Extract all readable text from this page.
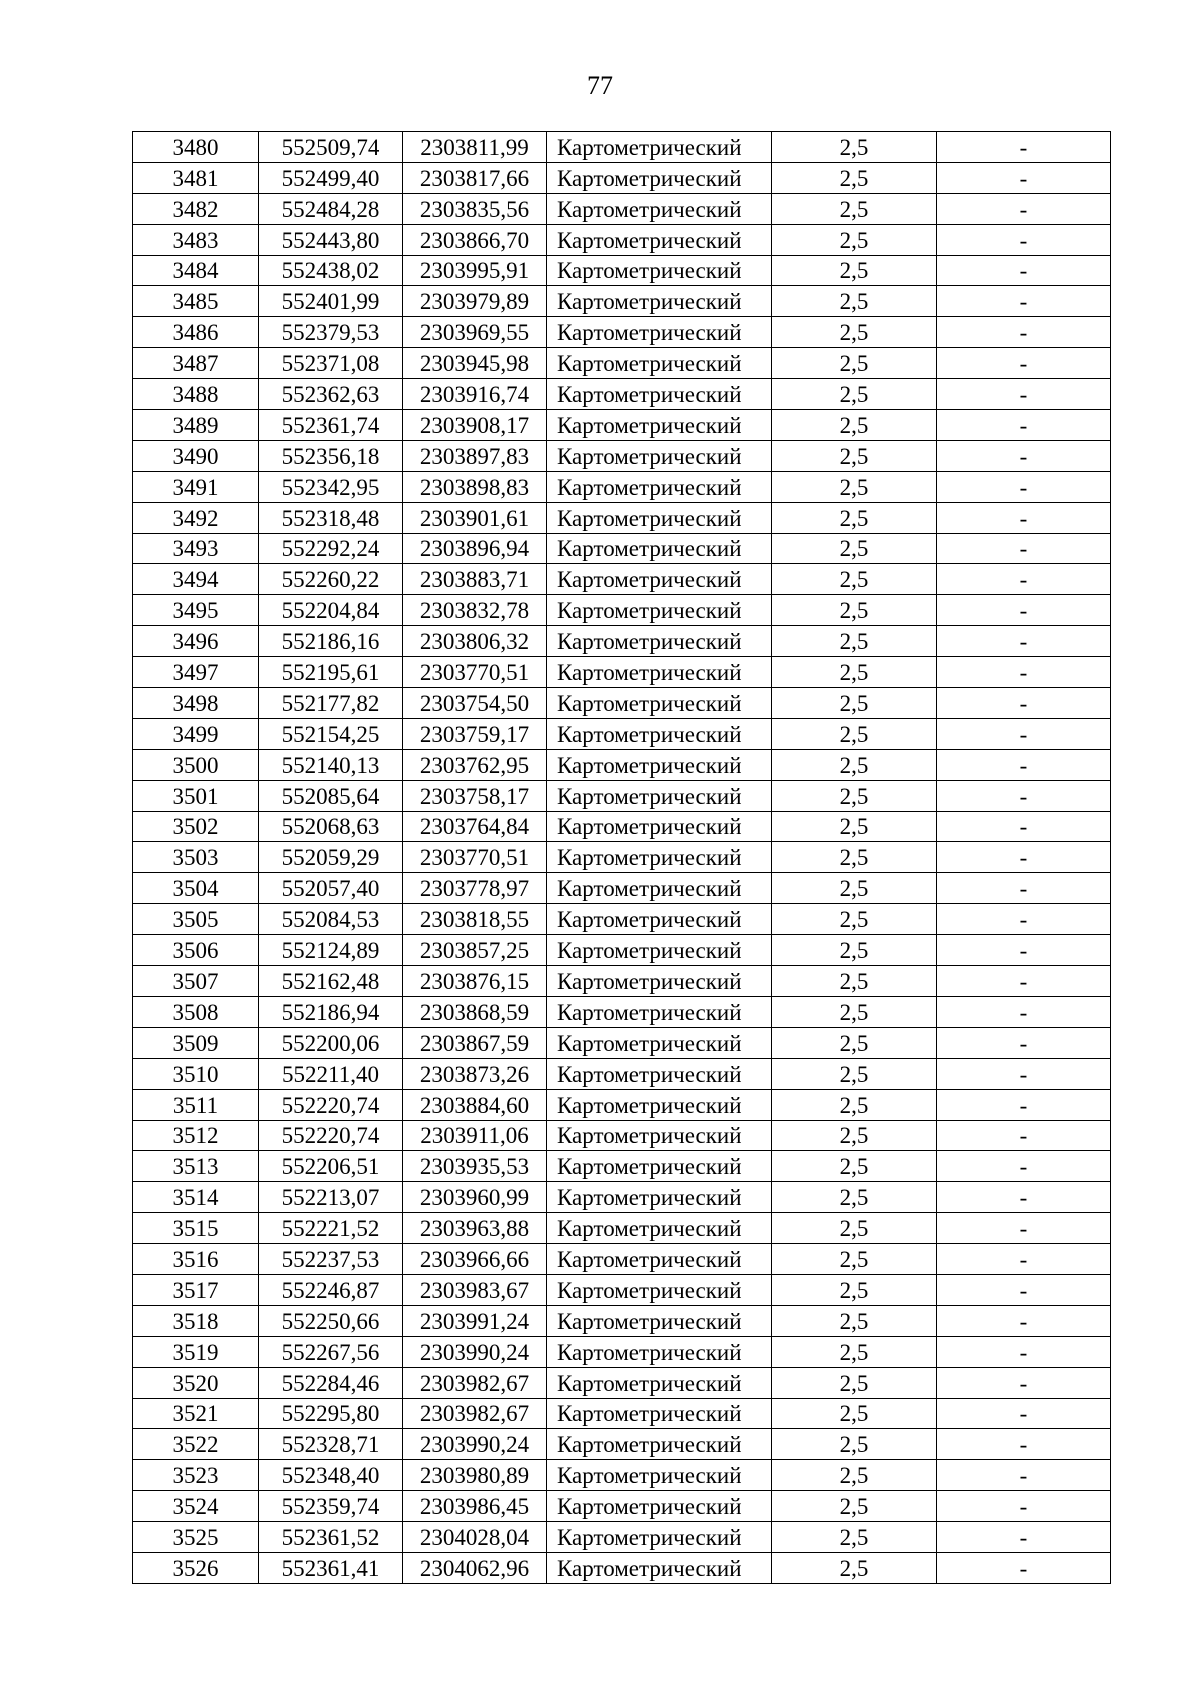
77
3480	552509,74	2303811,99	Картометрический	2,5	-
3481	552499,40	2303817,66	Картометрический	2,5	-
3482	552484,28	2303835,56	Картометрический	2,5	-
3483	552443,80	2303866,70	Картометрический	2,5	-
3484	552438,02	2303995,91	Картометрический	2,5	-
3485	552401,99	2303979,89	Картометрический	2,5	-
3486	552379,53	2303969,55	Картометрический	2,5	-
3487	552371,08	2303945,98	Картометрический	2,5	-
3488	552362,63	2303916,74	Картометрический	2,5	-
3489	552361,74	2303908,17	Картометрический	2,5	-
3490	552356,18	2303897,83	Картометрический	2,5	-
3491	552342,95	2303898,83	Картометрический	2,5	-
3492	552318,48	2303901,61	Картометрический	2,5	-
3493	552292,24	2303896,94	Картометрический	2,5	-
3494	552260,22	2303883,71	Картометрический	2,5	-
3495	552204,84	2303832,78	Картометрический	2,5	-
3496	552186,16	2303806,32	Картометрический	2,5	-
3497	552195,61	2303770,51	Картометрический	2,5	-
3498	552177,82	2303754,50	Картометрический	2,5	-
3499	552154,25	2303759,17	Картометрический	2,5	-
3500	552140,13	2303762,95	Картометрический	2,5	-
3501	552085,64	2303758,17	Картометрический	2,5	-
3502	552068,63	2303764,84	Картометрический	2,5	-
3503	552059,29	2303770,51	Картометрический	2,5	-
3504	552057,40	2303778,97	Картометрический	2,5	-
3505	552084,53	2303818,55	Картометрический	2,5	-
3506	552124,89	2303857,25	Картометрический	2,5	-
3507	552162,48	2303876,15	Картометрический	2,5	-
3508	552186,94	2303868,59	Картометрический	2,5	-
3509	552200,06	2303867,59	Картометрический	2,5	-
3510	552211,40	2303873,26	Картометрический	2,5	-
3511	552220,74	2303884,60	Картометрический	2,5	-
3512	552220,74	2303911,06	Картометрический	2,5	-
3513	552206,51	2303935,53	Картометрический	2,5	-
3514	552213,07	2303960,99	Картометрический	2,5	-
3515	552221,52	2303963,88	Картометрический	2,5	-
3516	552237,53	2303966,66	Картометрический	2,5	-
3517	552246,87	2303983,67	Картометрический	2,5	-
3518	552250,66	2303991,24	Картометрический	2,5	-
3519	552267,56	2303990,24	Картометрический	2,5	-
3520	552284,46	2303982,67	Картометрический	2,5	-
3521	552295,80	2303982,67	Картометрический	2,5	-
3522	552328,71	2303990,24	Картометрический	2,5	-
3523	552348,40	2303980,89	Картометрический	2,5	-
3524	552359,74	2303986,45	Картометрический	2,5	-
3525	552361,52	2304028,04	Картометрический	2,5	-
3526	552361,41	2304062,96	Картометрический	2,5	-
